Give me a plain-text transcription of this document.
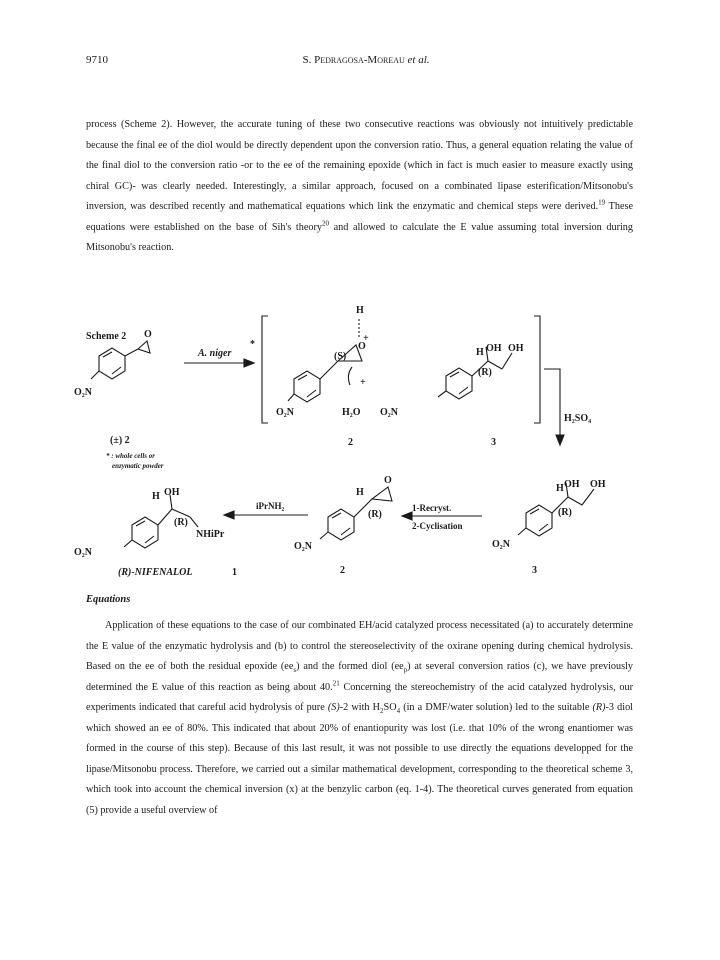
9710	S. Pedragosa-Moreau et al.

process (Scheme 2). However, the accurate tuning of these two consecutive reactions was obviously not intuitively predictable because the final ee of the diol would be directly dependent upon the conversion ratio. Thus, a general equation relating the value of the final diol to the conversion ratio -or to the ee of the remaining epoxide (which in fact is much easier to measure exactly using chiral GC)- was clearly needed. Interestingly, a similar approach, focused on a combinated lipase esterification/Mitsonobu's inversion, was described recently and mathematical equations which link the enzymatic and chemical steps were derived.$^{19}$ These equations were established on the base of Sih's theory$^{20}$ and allowed to calculate the E value assuming total inversion during Mitsonobu's reaction.

Scheme 2 O
O₂N
A. niger
*
(±) 2
* : whole cells or
enzymatic powder
H
+
(S)
O
+
O₂N	H₂O O₂N
2
H OH OH
(R)
3
H₂SO₄
H OH OH
(R)
O₂N
3
1-Recryst.
2-Cyclisation
H
O
(R)
O₂N
2
iPrNH₂
H OH
(R)
NHiPr
O₂N
(R)-NIFENALOL	1

Equations

Application of these equations to the case of our combinated EH/acid catalyzed process necessitated (a) to accurately determine the E value of the enzymatic hydrolysis and (b) to control the stereoselectivity of the oxirane opening during chemical hydrolysis. Based on the ee of both the residual epoxide $(ee_s)$ and the formed diol $(ee_p)$ at several conversion ratios (c), we have previously determined the E value of this reaction as being about 40.21 Concerning the stereochemistry of the acid catalyzed hydrolysis, our experiments indicated that careful acid hydrolysis of pure (S)-2 with $H_2SO_4$ (in a DMF/water solution) led to the suitable (R)-3 diol which showed an ee of 80%. This indicated that about 20% of enantiopurity was lost (i.e. that 10% of the wrong enantiomer was formed in the course of this step). Because of this last result, it was not possible to use directly the equations developped for the lipase/Mitsonobu process. Therefore, we carried out a similar mathematical development, corresponding to the theoretical scheme 3, which took into account the chemical inversion (x) at the benzylic carbon (eq. 1-4). The theoretical curves generated from equation (5) provide a useful overview of
